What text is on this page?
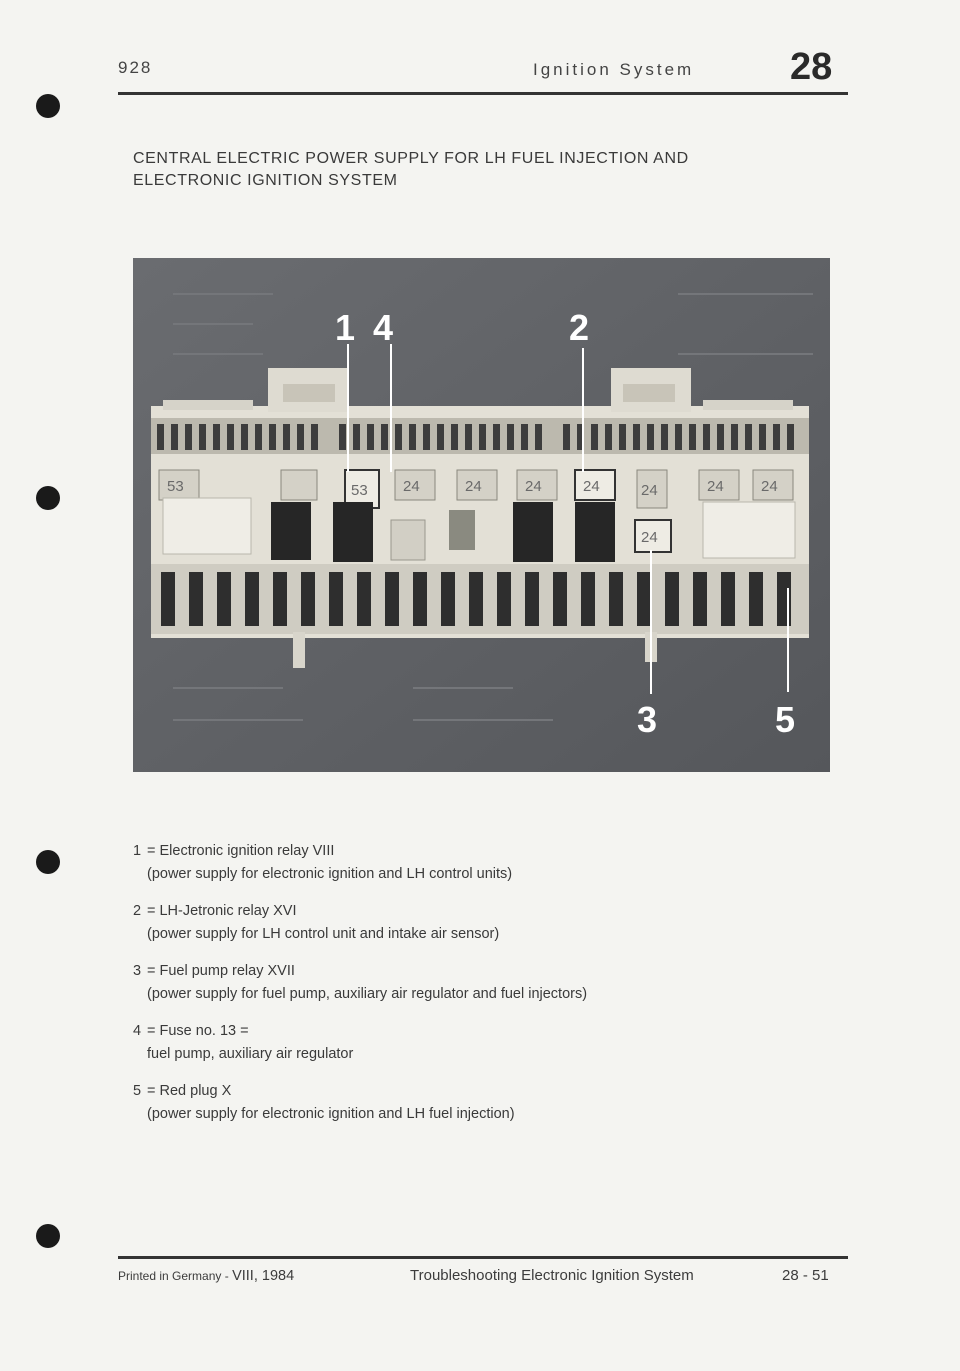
928	Ignition System	28
CENTRAL ELECTRIC POWER SUPPLY FOR LH FUEL INJECTION AND
ELECTRONIC IGNITION SYSTEM
53	53 24	24	24	24	24	24 24
24
1 4	2
3	5
1 = Electronic ignition relay VIII
(power supply for electronic ignition and LH control units)
2 = LH-Jetronic relay XVI
(power supply for LH control unit and intake air sensor)
3 = Fuel pump relay XVII
(power supply for fuel pump, auxiliary air regulator and fuel injectors)
4 = Fuse no. 13 =
fuel pump, auxiliary air regulator
5 = Red plug X
(power supply for electronic ignition and LH fuel injection)
Printed in Germany - VIII, 1984	Troubleshooting Electronic Ignition System	28 - 51
